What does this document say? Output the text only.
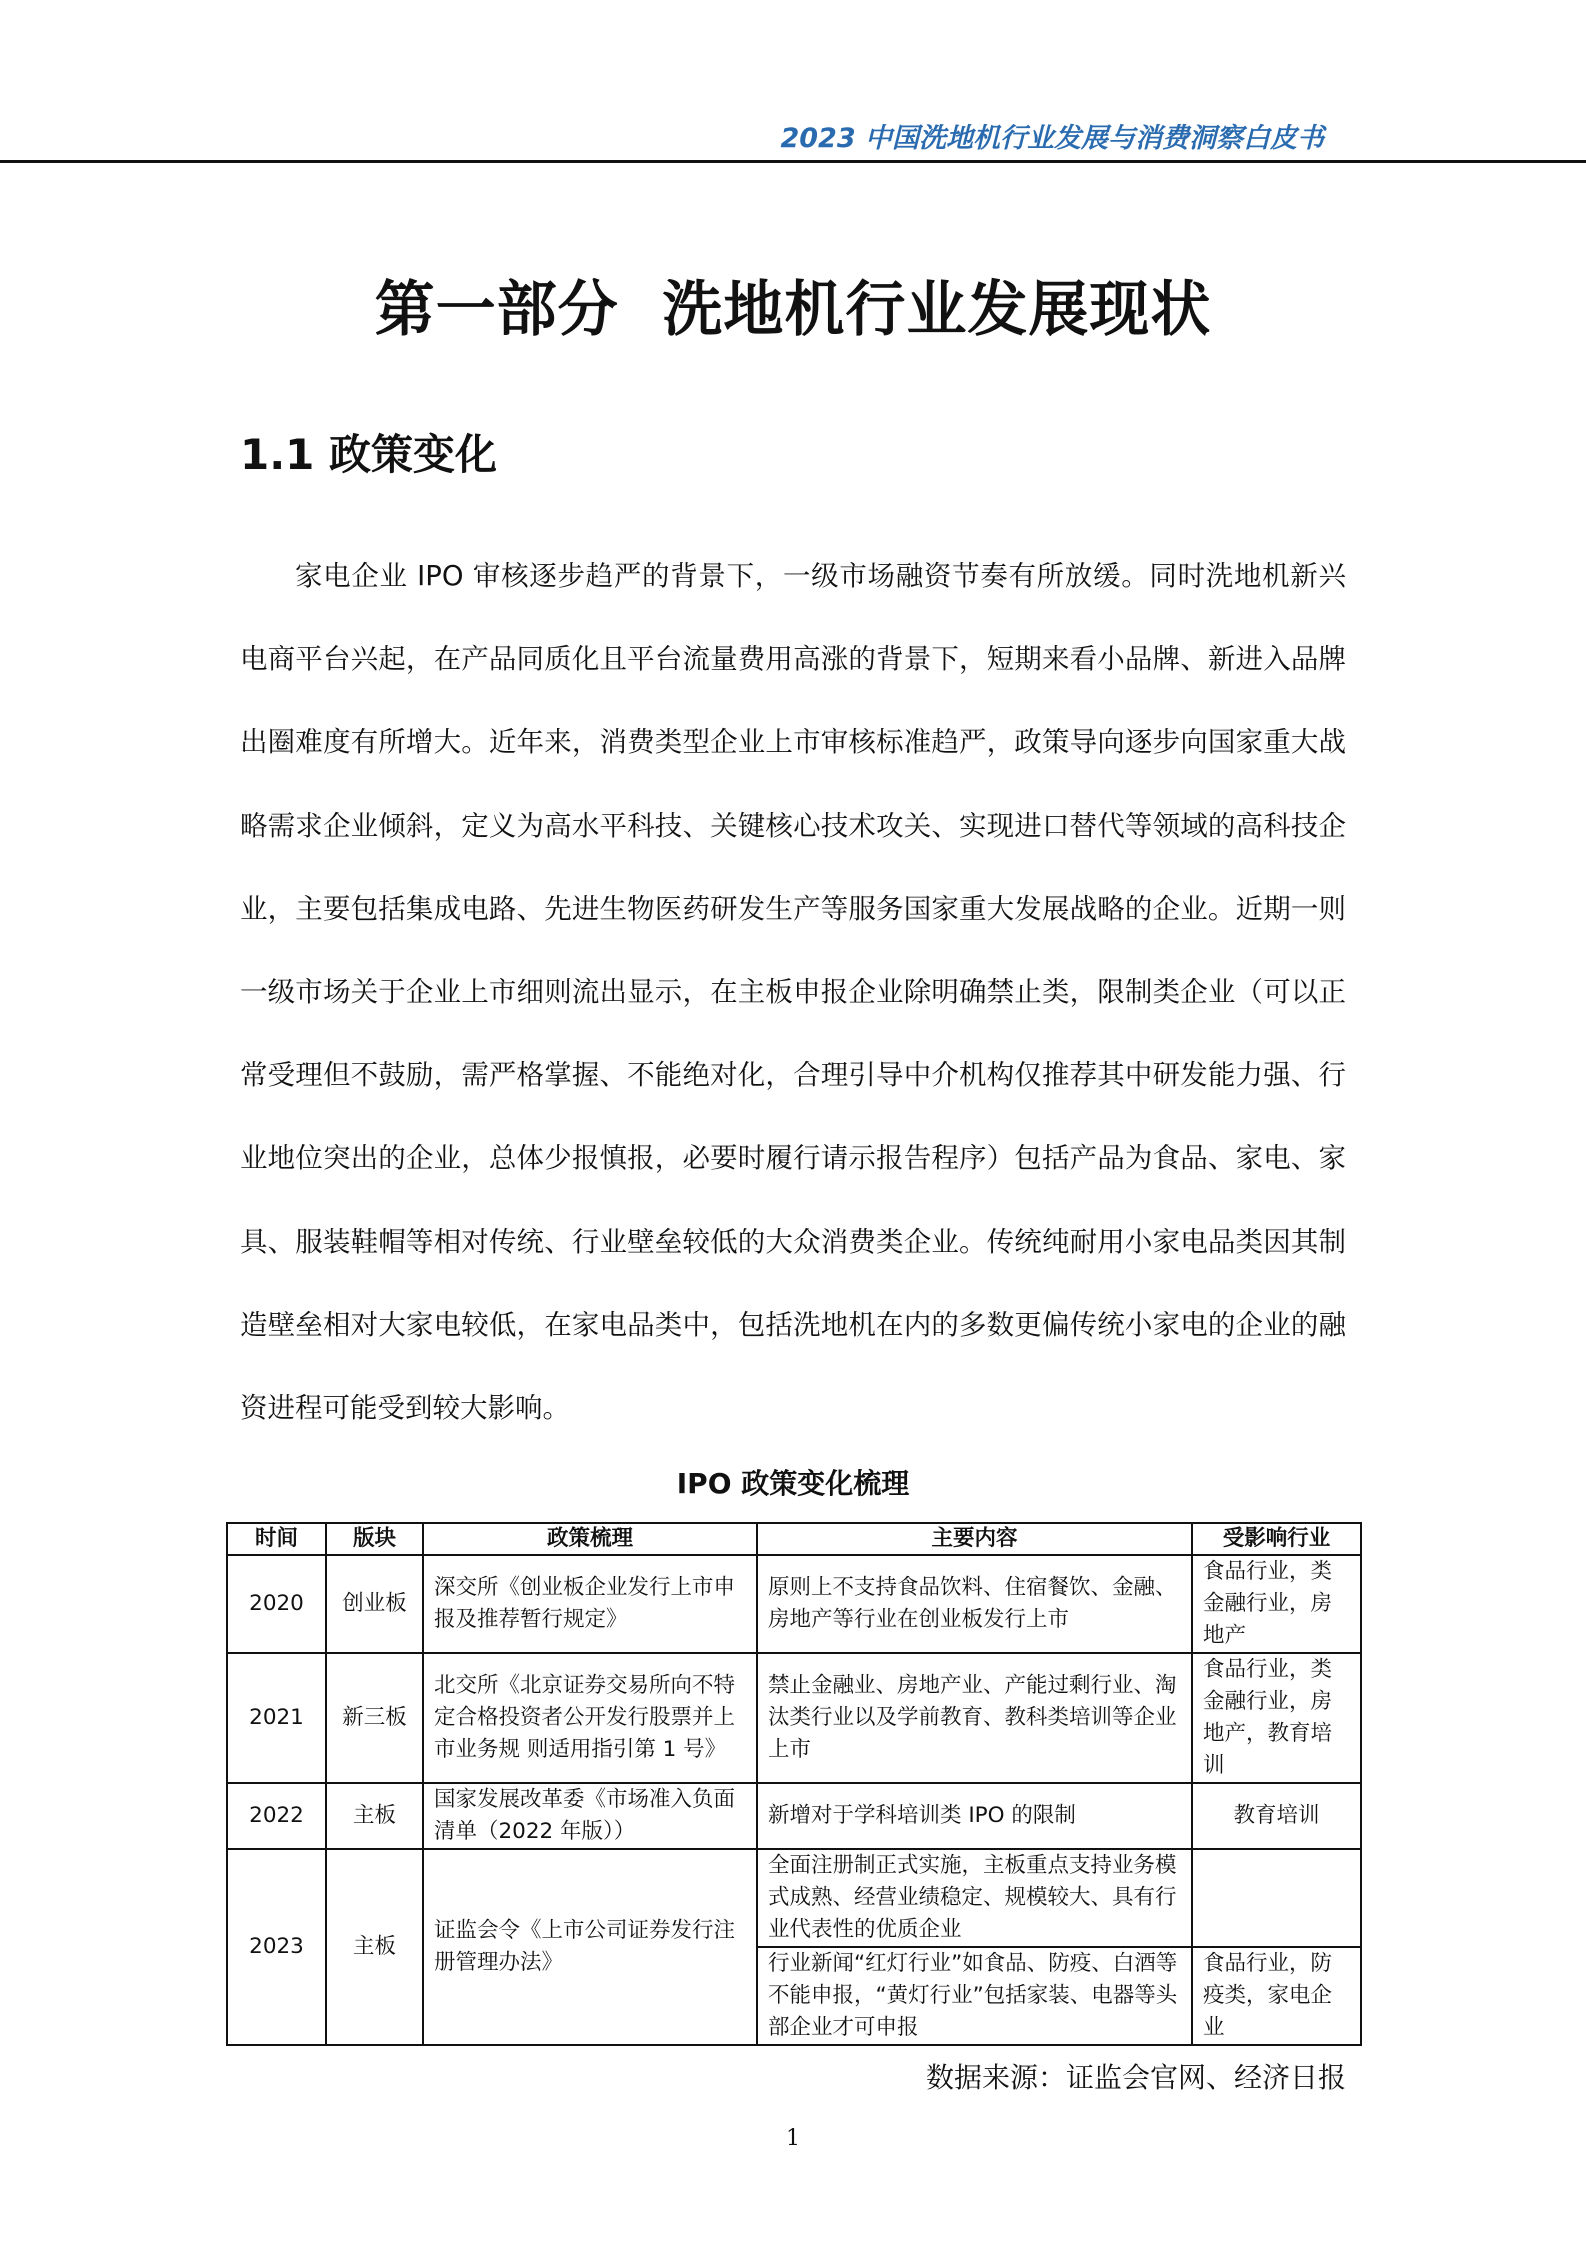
2023 中国洗地机行业发展与消费洞察白皮书
第一部分  洗地机行业发展现状
1.1 政策变化
家电企业 IPO 审核逐步趋严的背景下，一级市场融资节奏有所放缓。同时洗地机新兴电商平台兴起，在产品同质化且平台流量费用高涨的背景下，短期来看小品牌、新进入品牌出圈难度有所增大。近年来，消费类型企业上市审核标准趋严，政策导向逐步向国家重大战略需求企业倾斜，定义为高水平科技、关键核心技术攻关、实现进口替代等领域的高科技企业，主要包括集成电路、先进生物医药研发生产等服务国家重大发展战略的企业。近期一则一级市场关于企业上市细则流出显示，在主板申报企业除明确禁止类，限制类企业（可以正常受理但不鼓励，需严格掌握、不能绝对化，合理引导中介机构仅推荐其中研发能力强、行业地位突出的企业，总体少报慎报，必要时履行请示报告程序）包括产品为食品、家电、家具、服装鞋帽等相对传统、行业壁垒较低的大众消费类企业。传统纯耐用小家电品类因其制造壁垒相对大家电较低，在家电品类中，包括洗地机在内的多数更偏传统小家电的企业的融资进程可能受到较大影响。
IPO 政策变化梳理
时间	版块	政策梳理	主要内容	受影响行业
2020	创业板	深交所《创业板企业发行上市申报及推荐暂行规定》	原则上不支持食品饮料、住宿餐饮、金融、房地产等行业在创业板发行上市	食品行业，类金融行业，房地产
2021	新三板	北交所《北京证券交易所向不特定合格投资者公开发行股票并上市业务规 则适用指引第 1 号》	禁止金融业、房地产业、产能过剩行业、淘汰类行业以及学前教育、教科类培训等企业上市	食品行业，类金融行业，房地产，教育培训
2022	主板	国家发展改革委《市场准入负面清单（2022 年版））	新增对于学科培训类 IPO 的限制	教育培训
2023	主板	证监会令《上市公司证券发行注册管理办法》	全面注册制正式实施，主板重点支持业务模式成熟、经营业绩稳定、规模较大、具有行业代表性的优质企业	
			行业新闻“红灯行业”如食品、防疫、白酒等不能申报，“黄灯行业”包括家装、电器等头部企业才可申报	食品行业，防疫类，家电企业
数据来源：证监会官网、经济日报
1
